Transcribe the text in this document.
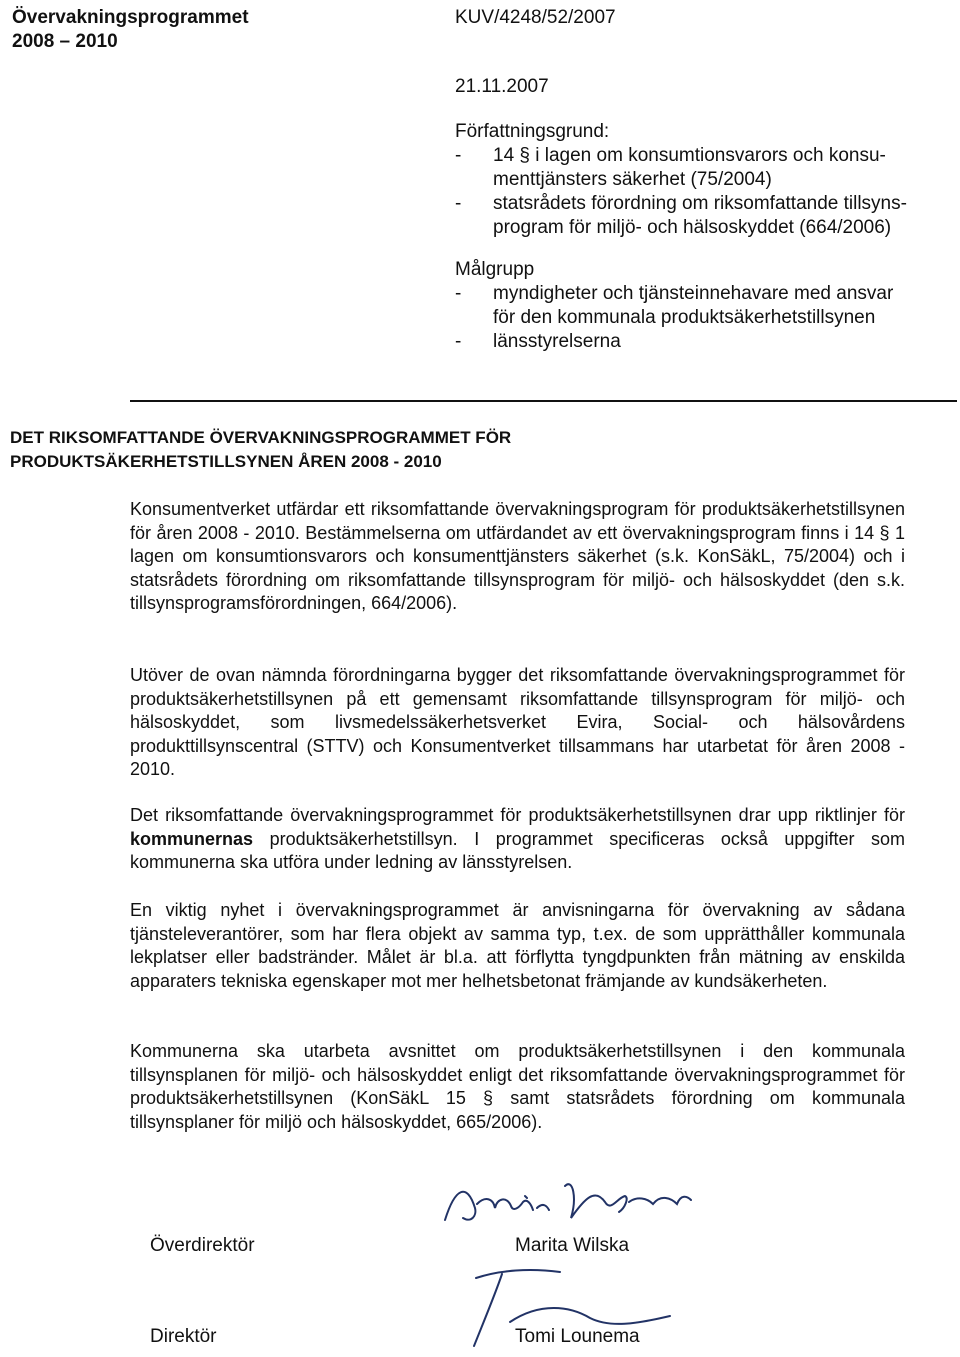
Övervakningsprogrammet
2008 – 2010
KUV/4248/52/2007
21.11.2007
Författningsgrund:
- 14 § i lagen om konsumtionsvarors och konsu-
menttjänsters säkerhet (75/2004)
- statsrådets förordning om riksomfattande tillsyns-
program för miljö- och hälsoskyddet (664/2006)
Målgrupp
- myndigheter och tjänsteinnehavare med ansvar
för den kommunala produktsäkerhetstillsynen
- länsstyrelserna
DET RIKSOMFATTANDE ÖVERVAKNINGSPROGRAMMET FÖR
PRODUKTSÄKERHETSTILLSYNEN ÅREN 2008 - 2010

Konsumentverket utfärdar ett riksomfattande övervakningsprogram för produktsäkerhetstillsynen för åren 2008 - 2010. Bestämmelserna om utfärdandet av ett övervakningsprogram finns i 14 § 1 lagen om konsumtionsvarors och konsumenttjänsters säkerhet (s.k. KonSäkL, 75/2004) och i statsrådets förordning om riksomfattande tillsynsprogram för miljö- och hälsoskyddet (den s.k. tillsynsprogramsförordningen, 664/2006).

Utöver de ovan nämnda förordningarna bygger det riksomfattande övervakningsprogrammet för produktsäkerhetstillsynen på ett gemensamt riksomfattande tillsynsprogram för miljö- och hälsoskyddet, som livsmedelssäkerhetsverket Evira, Social- och hälsovårdens produkttillsynscentral (STTV) och Konsumentverket tillsammans har utarbetat för åren 2008 - 2010.

Det riksomfattande övervakningsprogrammet för produktsäkerhetstillsynen drar upp riktlinjer för kommunernas produktsäkerhetstillsyn. I programmet specificeras också uppgifter som kommunerna ska utföra under ledning av länsstyrelsen.

En viktig nyhet i övervakningsprogrammet är anvisningarna för övervakning av sådana tjänsteleverantörer, som har flera objekt av samma typ, t.ex. de som upprätthåller kommunala lekplatser eller badstränder. Målet är bl.a. att förflytta tyngdpunkten från mätning av enskilda apparaters tekniska egenskaper mot mer helhetsbetonat främjande av kundsäkerheten.

Kommunerna ska utarbeta avsnittet om produktsäkerhetstillsynen i den kommunala tillsynsplanen för miljö- och hälsoskyddet enligt det riksomfattande övervakningsprogrammet för produktsäkerhetstillsynen (KonSäkL 15 § samt statsrådets förordning om kommunala tillsynsplaner för miljö och hälsoskyddet, 665/2006).

Överdirektör	Marita Wilska
Direktör	Tomi Lounema
